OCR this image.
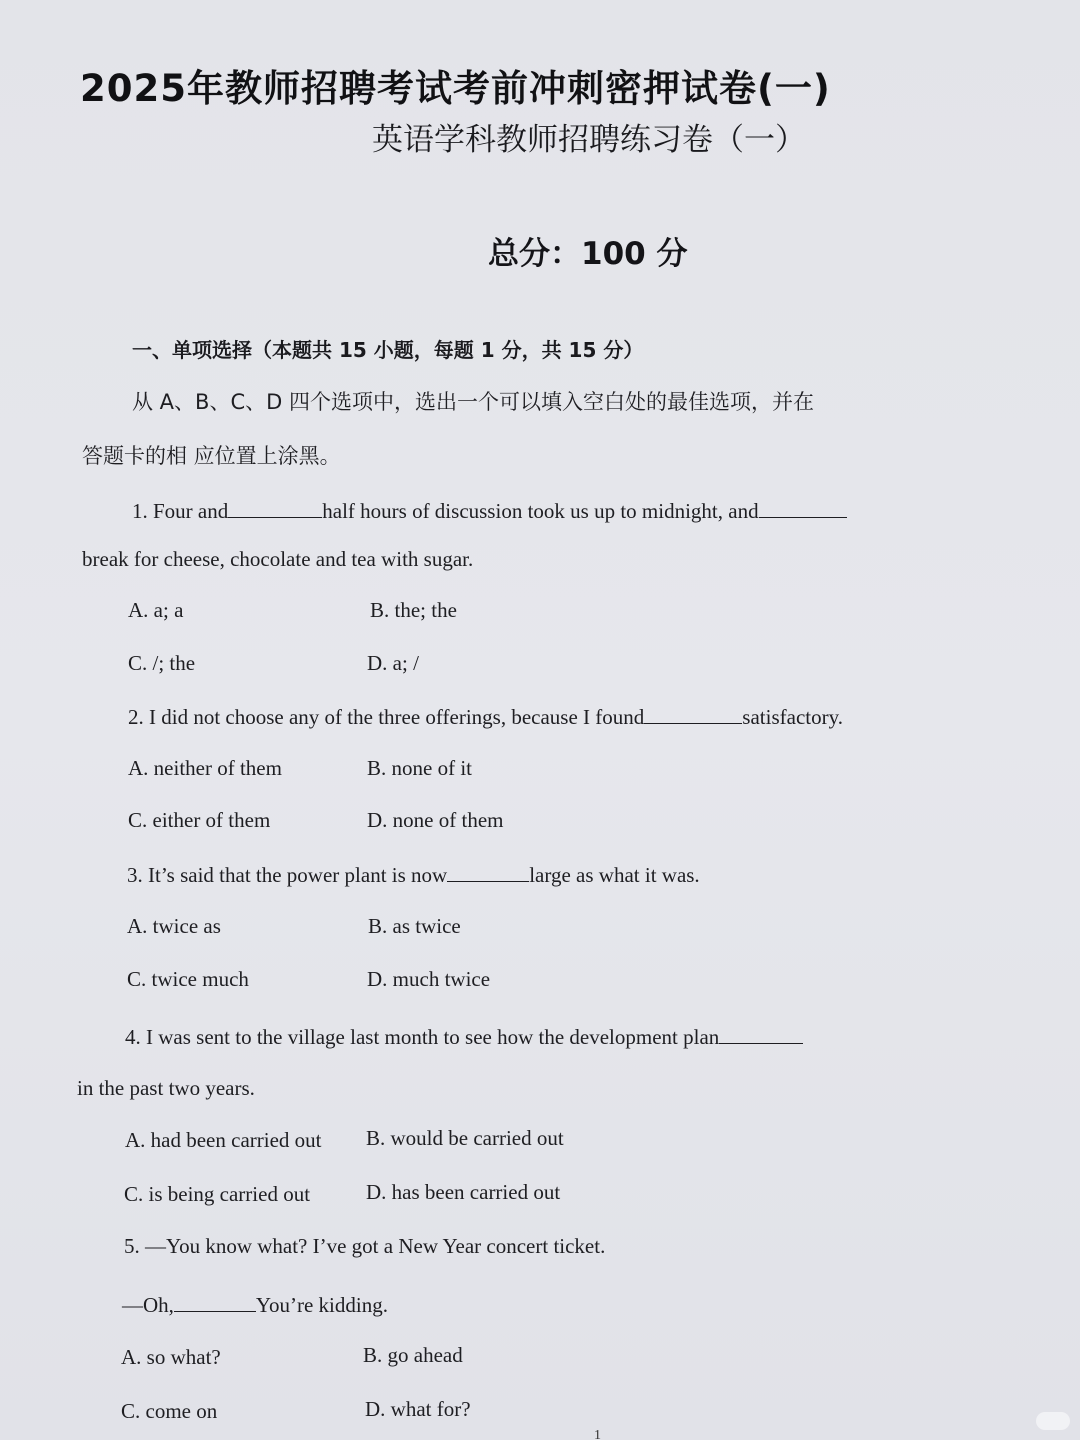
2025年教师招聘考试考前冲刺密押试卷(一)
英语学科教师招聘练习卷（一）
总分：100 分
一、单项选择（本题共 15 小题，每题 1 分，共 15 分）
从 A、B、C、D 四个选项中，选出一个可以填入空白处的最佳选项，并在
答题卡的相 应位置上涂黑。
1. Four and	half hours of discussion took us up to midnight, and
break for cheese, chocolate and tea with sugar.
A. a; a	B. the; the
C. /; the	D. a; /
2. I did not choose any of the three offerings, because I found	satisfactory.
A. neither of them	B. none of it
C. either of them	D. none of them
3. It’s said that the power plant is now	large as what it was.
A. twice as	B. as twice
C. twice much	D. much twice
4. I was sent to the village last month to see how the development plan
in the past two years.
A. had been carried out B. would be carried out
C. is being carried out	D. has been carried out
5. —You know what? I’ve got a New Year concert ticket.
—Oh,	You’re kidding.
A. so what?	B. go ahead
C. come on	D. what for?
1
